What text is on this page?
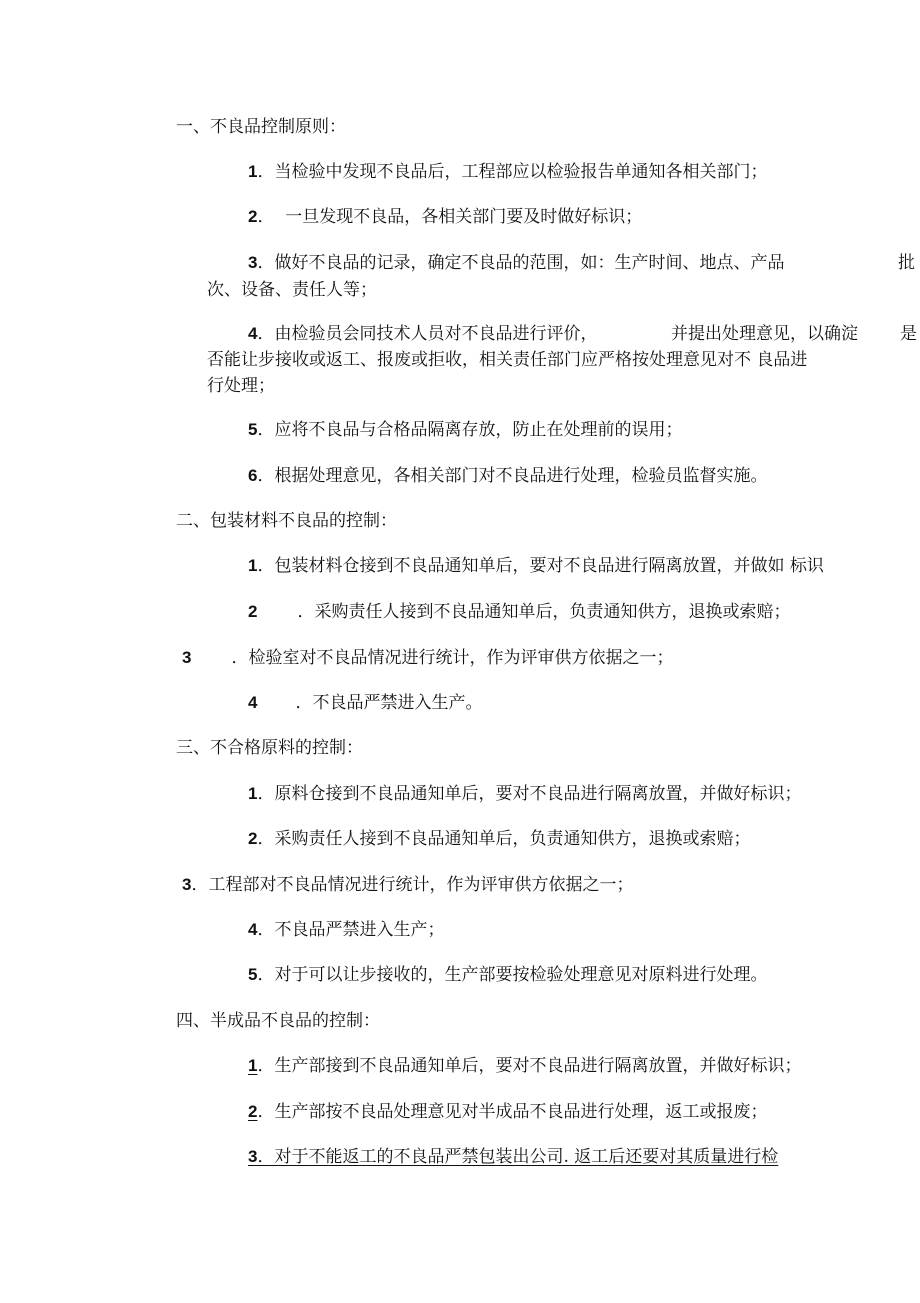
一、不良品控制原则：
1．当检验中发现不良品后，工程部应以检验报告单通知各相关部门；
2．  一旦发现不良品，各相关部门要及时做好标识；
3．做好不良品的记录，确定不良品的范围，如：生产时间、地点、产品	批
次、设备、责任人等；
4．由检验员会同技术人员对不良品进行评价，	并提出处理意见，以确淀 是
否能让步接收或返工、报废或拒收，相关责任部门应严格按处理意见对不 良品进
行处理；
5．应将不良品与合格品隔离存放，防止在处理前的误用；
6．根据处理意见，各相关部门对不良品进行处理，检验员监督实施。
二、包装材料不良品的控制：
1．包装材料仓接到不良品通知单后，要对不良品进行隔离放置，并做如 标识
2 ．采购责任人接到不良品通知单后，负责通知供方，退换或索赔；
3 ．检验室对不良品情况进行统计，作为评审供方依据之一；
4 ．不良品严禁进入生产。
三、不合格原料的控制：
1．原料仓接到不良品通知单后，要对不良品进行隔离放置，并做好标识；
2．采购责任人接到不良品通知单后，负责通知供方，退换或索赔；
3．工程部对不良品情况进行统计，作为评审供方依据之一；
4．不良品严禁进入生产；
5．对于可以让步接收的，生产部要按检验处理意见对原料进行处理。
四、半成品不良品的控制：
1．生产部接到不良品通知单后，要对不良品进行隔离放置，并做好标识；
2．生产部按不良品处理意见对半成品不良品进行处理，返工或报废；
3．对于不能返工的不良品严禁包装出公司. 返工后还要对其质量进行检
